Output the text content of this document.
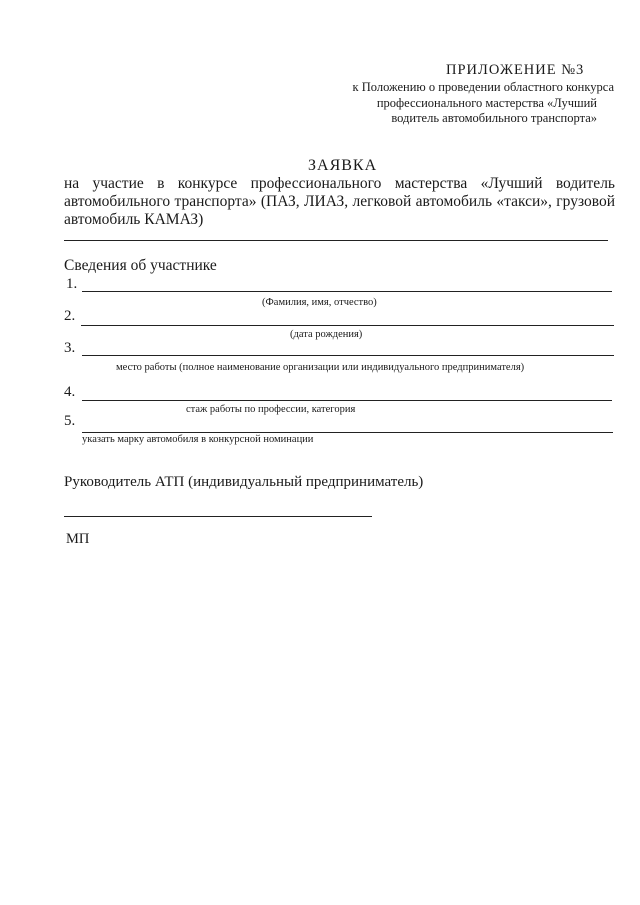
ПРИЛОЖЕНИЕ №3
к Положению о проведении областного конкурса
профессионального мастерства «Лучший
водитель автомобильного транспорта»
ЗАЯВКА
на участие в конкурсе профессионального мастерства «Лучший водитель
автомобильного транспорта» (ПАЗ, ЛИАЗ, легковой автомобиль «такси», грузовой
автомобиль КАМАЗ)
Сведения об участнике
1.
(Фамилия, имя, отчество)
2.
(дата рождения)
3.
место работы (полное наименование организации или индивидуального предпринимателя)
4.
стаж работы по профессии, категория
5.
указать марку автомобиля в конкурсной номинации
Руководитель АТП (индивидуальный предприниматель)
МП
